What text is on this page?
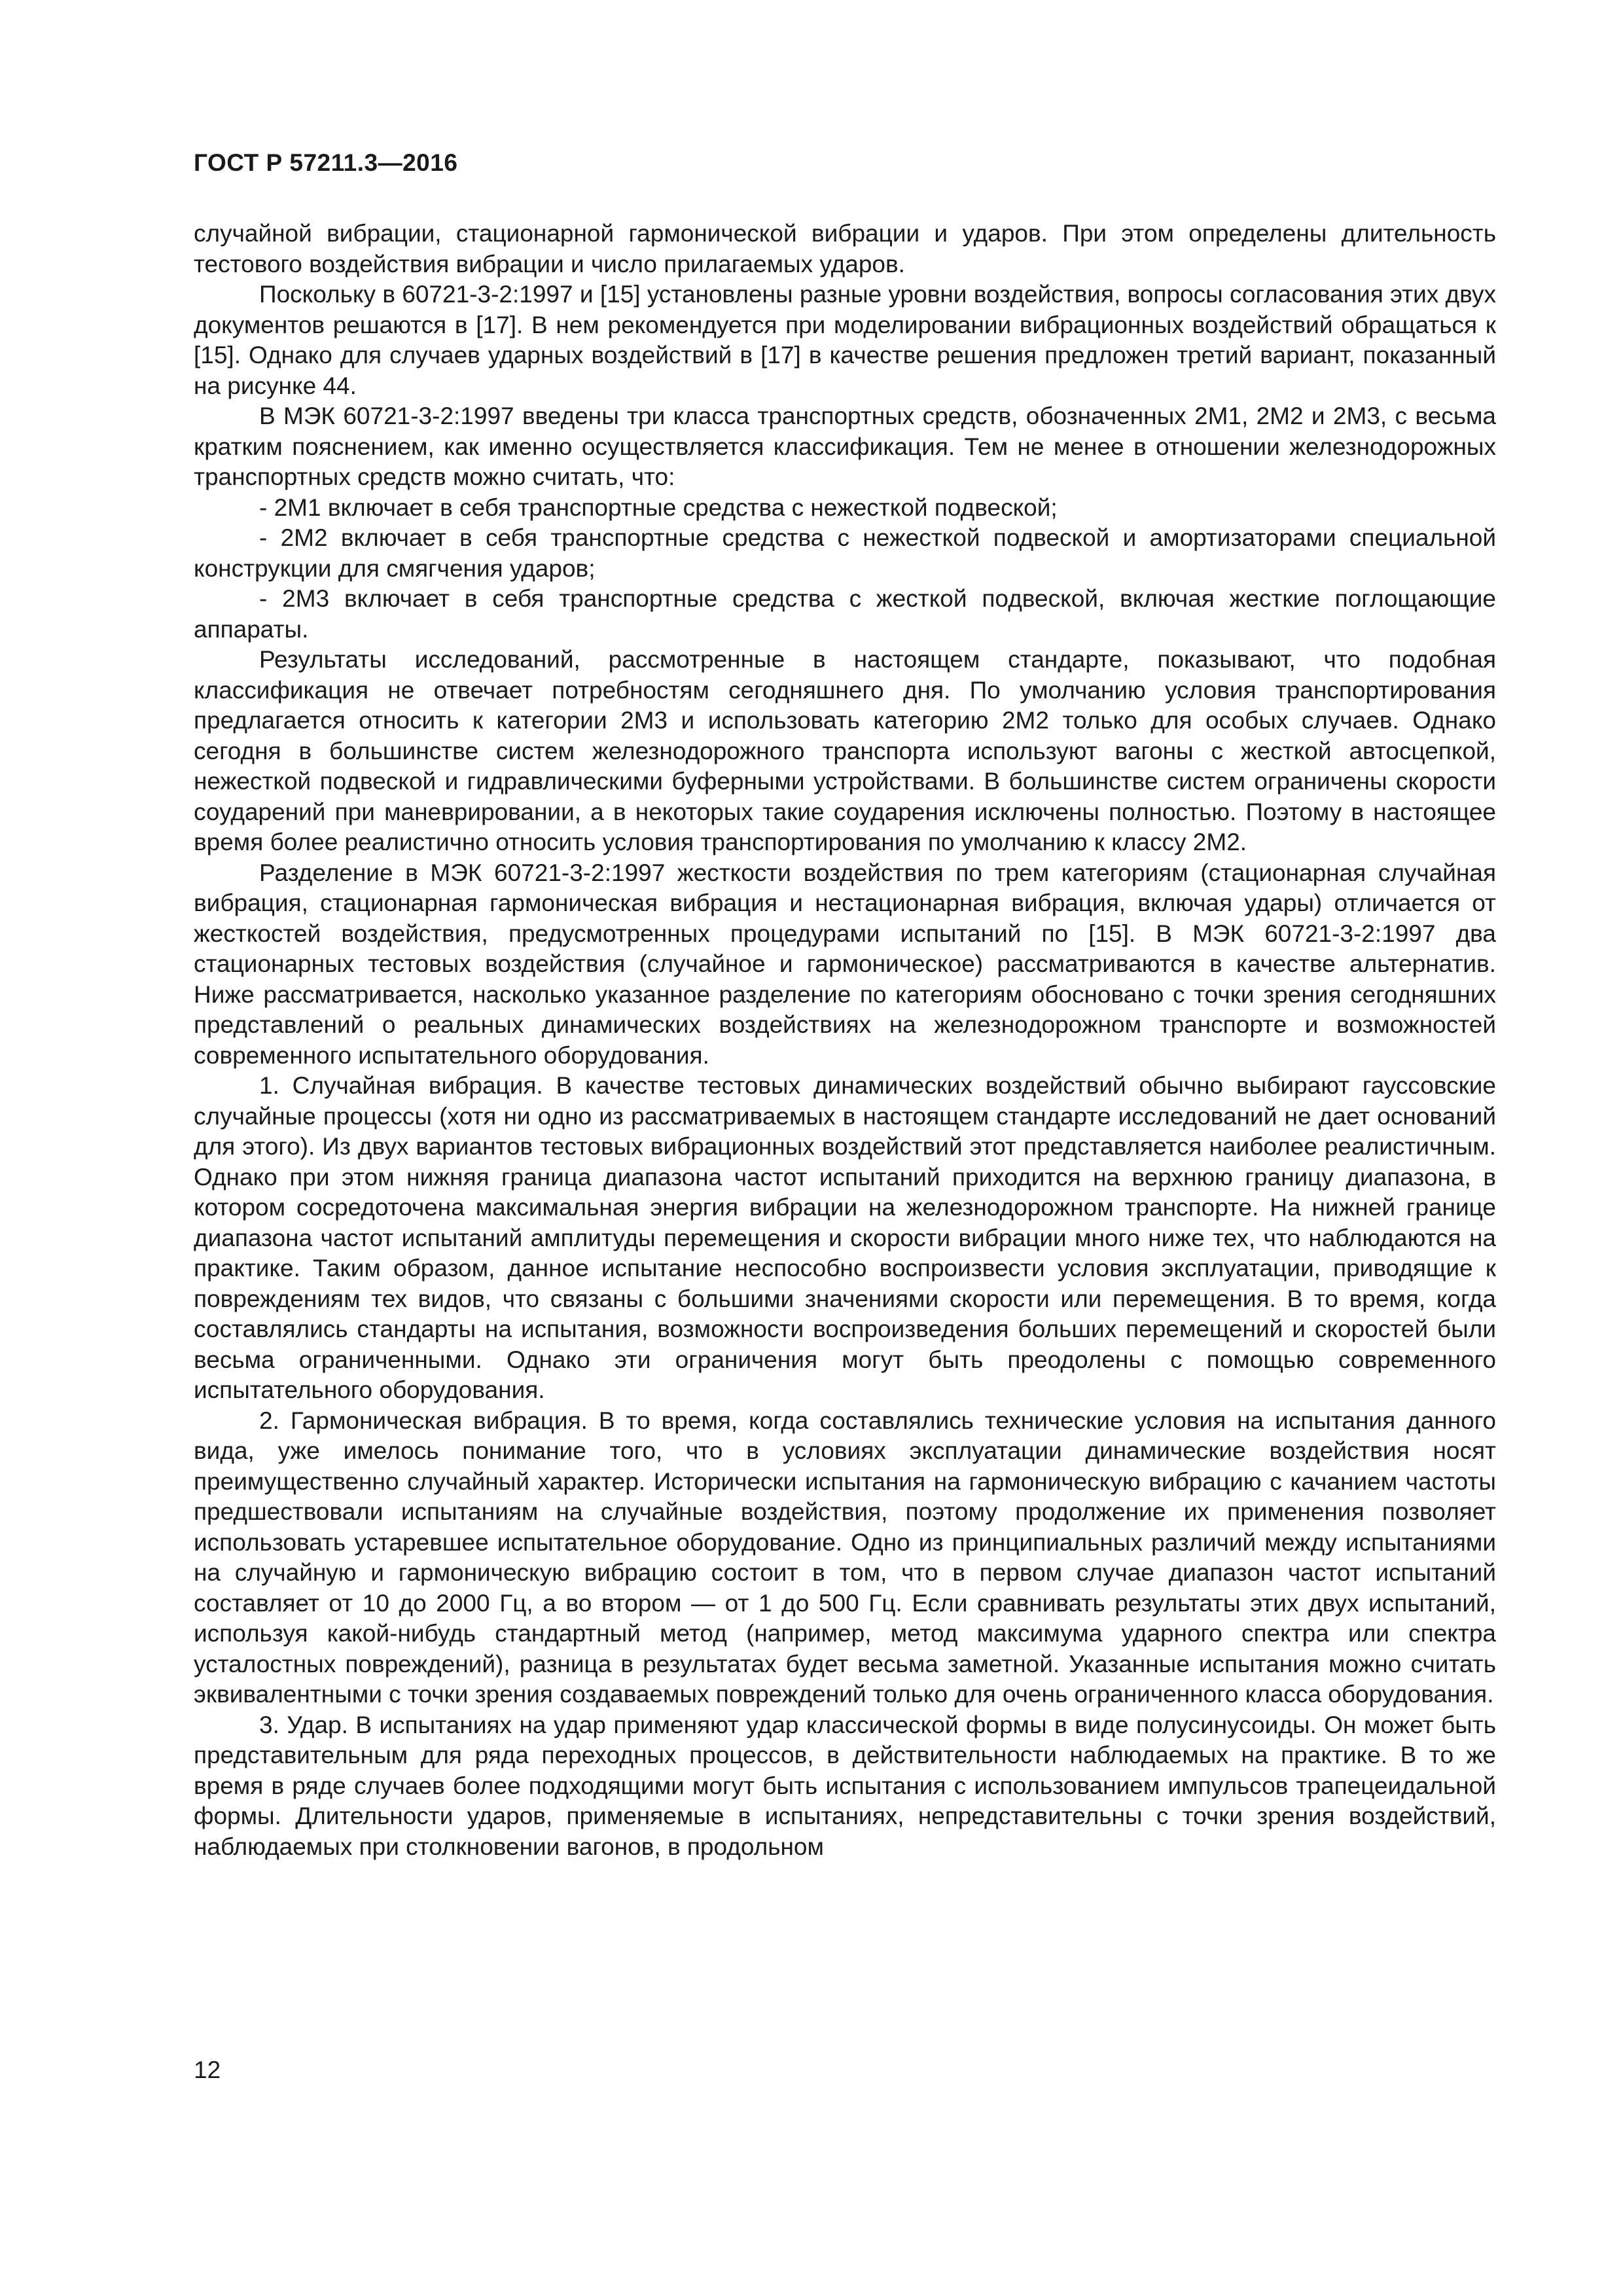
ГОСТ Р 57211.3—2016

случайной вибрации, стационарной гармонической вибрации и ударов. При этом определены длительность тестового воздействия вибрации и число прилагаемых ударов.

Поскольку в 60721-3-2:1997 и [15] установлены разные уровни воздействия, вопросы согласования этих двух документов решаются в [17]. В нем рекомендуется при моделировании вибрационных воздействий обращаться к [15]. Однако для случаев ударных воздействий в [17] в качестве решения предложен третий вариант, показанный на рисунке 44.

В МЭК 60721-3-2:1997 введены три класса транспортных средств, обозначенных 2М1, 2М2 и 2М3, с весьма кратким пояснением, как именно осуществляется классификация. Тем не менее в отношении железнодорожных транспортных средств можно считать, что:

- 2М1 включает в себя транспортные средства с нежесткой подвеской;

- 2М2 включает в себя транспортные средства с нежесткой подвеской и амортизаторами специальной конструкции для смягчения ударов;

- 2М3 включает в себя транспортные средства с жесткой подвеской, включая жесткие поглощающие аппараты.

Результаты исследований, рассмотренные в настоящем стандарте, показывают, что подобная классификация не отвечает потребностям сегодняшнего дня. По умолчанию условия транспортирования предлагается относить к категории 2М3 и использовать категорию 2М2 только для особых случаев. Однако сегодня в большинстве систем железнодорожного транспорта используют вагоны с жесткой автосцепкой, нежесткой подвеской и гидравлическими буферными устройствами. В большинстве систем ограничены скорости соударений при маневрировании, а в некоторых такие соударения исключены полностью. Поэтому в настоящее время более реалистично относить условия транспортирования по умолчанию к классу 2М2.

Разделение в МЭК 60721-3-2:1997 жесткости воздействия по трем категориям (стационарная случайная вибрация, стационарная гармоническая вибрация и нестационарная вибрация, включая удары) отличается от жесткостей воздействия, предусмотренных процедурами испытаний по [15]. В МЭК 60721-3-2:1997 два стационарных тестовых воздействия (случайное и гармоническое) рассматриваются в качестве альтернатив. Ниже рассматривается, насколько указанное разделение по категориям обосновано с точки зрения сегодняшних представлений о реальных динамических воздействиях на железнодорожном транспорте и возможностей современного испытательного оборудования.

1. Случайная вибрация. В качестве тестовых динамических воздействий обычно выбирают гауссовские случайные процессы (хотя ни одно из рассматриваемых в настоящем стандарте исследований не дает оснований для этого). Из двух вариантов тестовых вибрационных воздействий этот представляется наиболее реалистичным. Однако при этом нижняя граница диапазона частот испытаний приходится на верхнюю границу диапазона, в котором сосредоточена максимальная энергия вибрации на железнодорожном транспорте. На нижней границе диапазона частот испытаний амплитуды перемещения и скорости вибрации много ниже тех, что наблюдаются на практике. Таким образом, данное испытание неспособно воспроизвести условия эксплуатации, приводящие к повреждениям тех видов, что связаны с большими значениями скорости или перемещения. В то время, когда составлялись стандарты на испытания, возможности воспроизведения больших перемещений и скоростей были весьма ограниченными. Однако эти ограничения могут быть преодолены с помощью современного испытательного оборудования.

2. Гармоническая вибрация. В то время, когда составлялись технические условия на испытания данного вида, уже имелось понимание того, что в условиях эксплуатации динамические воздействия носят преимущественно случайный характер. Исторически испытания на гармоническую вибрацию с качанием частоты предшествовали испытаниям на случайные воздействия, поэтому продолжение их применения позволяет использовать устаревшее испытательное оборудование. Одно из принципиальных различий между испытаниями на случайную и гармоническую вибрацию состоит в том, что в первом случае диапазон частот испытаний составляет от 10 до 2000 Гц, а во втором — от 1 до 500 Гц. Если сравнивать результаты этих двух испытаний, используя какой-нибудь стандартный метод (например, метод максимума ударного спектра или спектра усталостных повреждений), разница в результатах будет весьма заметной. Указанные испытания можно считать эквивалентными с точки зрения создаваемых повреждений только для очень ограниченного класса оборудования.

3. Удар. В испытаниях на удар применяют удар классической формы в виде полусинусоиды. Он может быть представительным для ряда переходных процессов, в действительности наблюдаемых на практике. В то же время в ряде случаев более подходящими могут быть испытания с использованием импульсов трапецеидальной формы. Длительности ударов, применяемые в испытаниях, непредставительны с точки зрения воздействий, наблюдаемых при столкновении вагонов, в продольном

12
